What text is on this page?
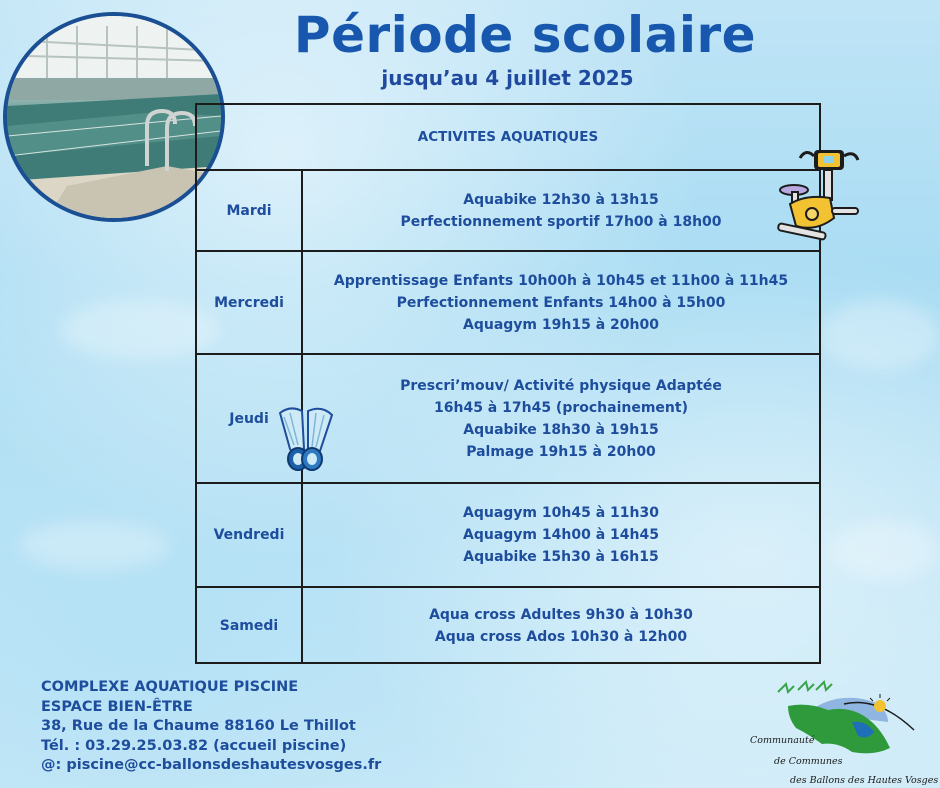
Période scolaire
jusqu’au 4 juillet 2025
ACTIVITES AQUATIQUES
Mardi
Aquabike 12h30 à 13h15
Perfectionnement sportif 17h00 à 18h00
Mercredi
Apprentissage Enfants 10h00h à 10h45 et 11h00 à 11h45
Perfectionnement Enfants 14h00 à 15h00
Aquagym 19h15 à 20h00
Jeudi
Prescri’mouv/ Activité physique Adaptée
16h45 à 17h45 (prochainement)
Aquabike 18h30 à 19h15
Palmage 19h15 à 20h00
Vendredi
Aquagym 10h45 à 11h30
Aquagym 14h00 à 14h45
Aquabike 15h30 à 16h15
Samedi
Aqua cross Adultes 9h30 à 10h30
Aqua cross Ados 10h30 à 12h00
COMPLEXE AQUATIQUE PISCINE
ESPACE BIEN-ÊTRE
38, Rue de la Chaume 88160 Le Thillot
Tél. : 03.29.25.03.82 (accueil piscine)
@: piscine@cc-ballonsdeshautesvosges.fr
Communauté
de Communes
des Ballons des Hautes Vosges
